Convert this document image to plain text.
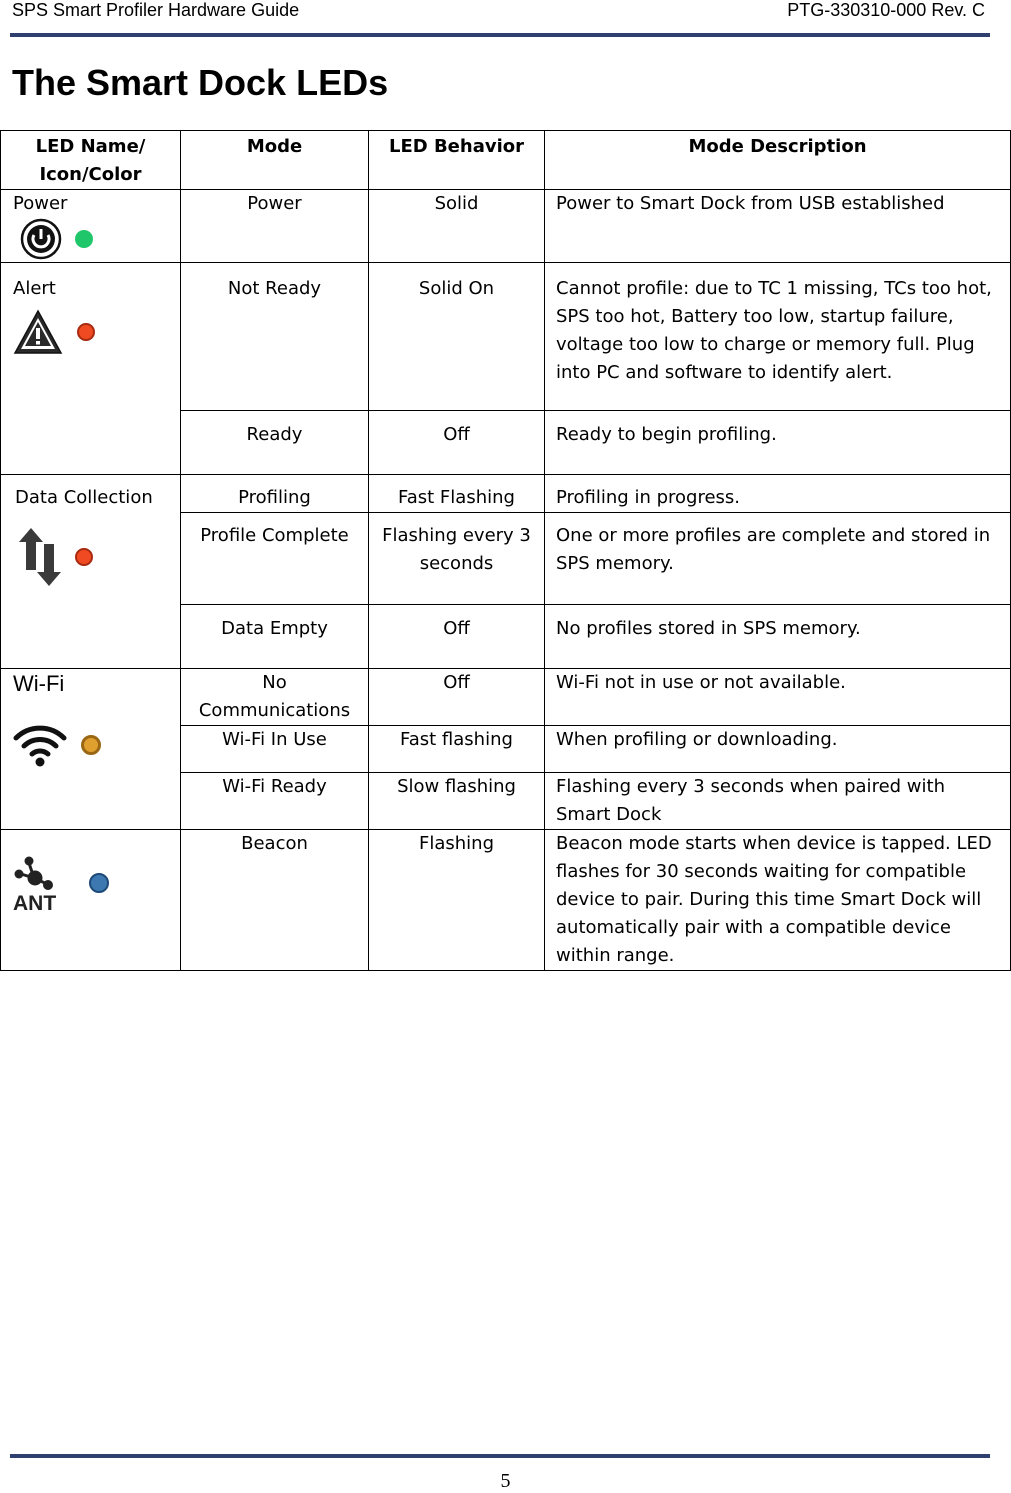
SPS Smart Profiler Hardware Guide	PTG-330310-000 Rev. C
The Smart Dock LEDs
LED Name/
Icon/Color	Mode	LED Behavior	Mode Description

Power	Power	Solid	Power to Smart Dock from USB established

Alert	Not Ready	Solid On	Cannot profile: due to TC 1 missing, TCs too hot, SPS too hot, Battery too low, startup failure, voltage too low to charge or memory full. Plug into PC and software to identify alert.
	Ready	Off	Ready to begin profiling.

Data Collection	Profiling	Fast Flashing	Profiling in progress.
	Profile Complete	Flashing every 3 seconds	One or more profiles are complete and stored in SPS memory.
	Data Empty	Off	No profiles stored in SPS memory.

Wi-Fi	No Communications	Off	Wi-Fi not in use or not available.
	Wi-Fi In Use	Fast flashing	When profiling or downloading.
	Wi-Fi Ready	Slow flashing	Flashing every 3 seconds when paired with Smart Dock

ANT	Beacon	Flashing	Beacon mode starts when device is tapped. LED flashes for 30 seconds waiting for compatible device to pair. During this time Smart Dock will automatically pair with a compatible device within range.
5
